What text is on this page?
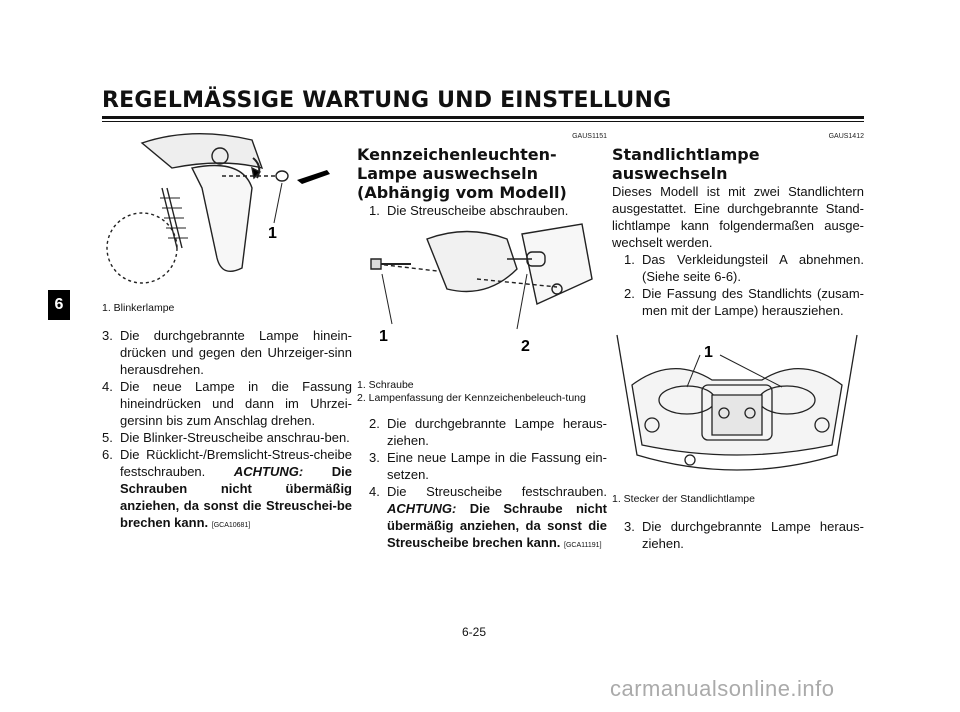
REGELMÄSSIGE WARTUNG UND EINSTELLUNG
6
1

1. Blinkerlampe

3. Die durchgebrannte Lampe hinein-drücken und gegen den Uhrzeiger-sinn herausdrehen.
4. Die neue Lampe in die Fassung hineindrücken und dann im Uhrzei-gersinn bis zum Anschlag drehen.
5. Die Blinker-Streuscheibe anschrau-ben.
6. Die Rücklicht-/Bremslicht-Streus-cheibe festschrauben. ACHTUNG: Die Schrauben nicht übermäßig anziehen, da sonst die Streuschei-be brechen kann. [GCA10681]
GAUS1151

Kennzeichenleuchten-Lampe auswechseln (Abhängig vom Modell)

1. Die Streuscheibe abschrauben.
1
2

1. Schraube

2. Lampenfassung der Kennzeichenbeleuch-tung

2. Die durchgebrannte Lampe heraus-ziehen.
3. Eine neue Lampe in die Fassung ein-setzen.
4. Die Streuscheibe festschrauben. ACHTUNG: Die Schraube nicht übermäßig anziehen, da sonst die Streuscheibe brechen kann. [GCA11191]
GAUS1412

Standlichtlampe auswechseln

Dieses Modell ist mit zwei Standlichtern ausgestattet. Eine durchgebrannte Stand-lichtlampe kann folgendermaßen ausge-wechselt werden.

1. Das Verkleidungsteil A abnehmen. (Siehe seite 6-6).
2. Die Fassung des Standlichts (zusam-men mit der Lampe) herausziehen.
1

1. Stecker der Standlichtlampe

3. Die durchgebrannte Lampe heraus-ziehen.
6-25
carmanualsonline.info
